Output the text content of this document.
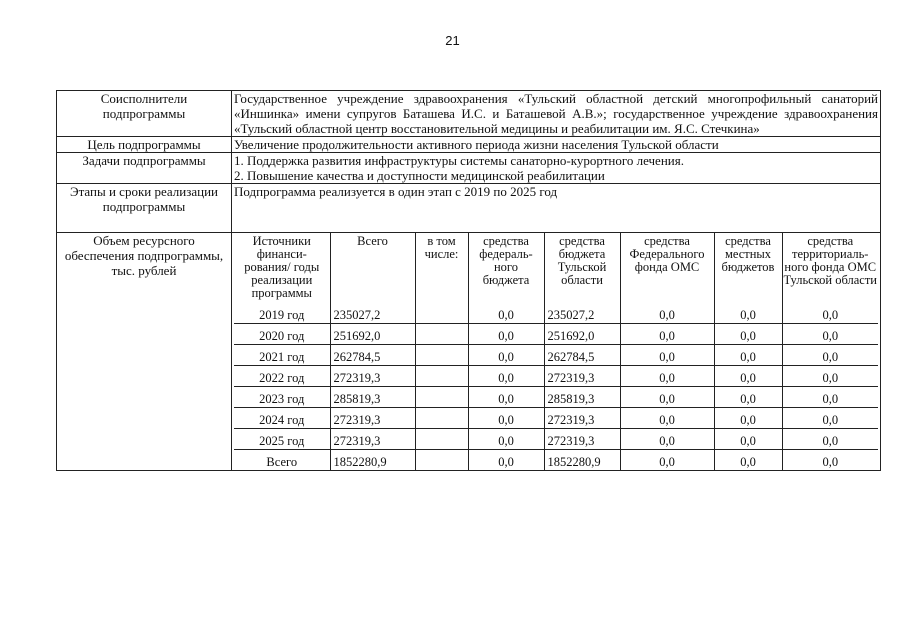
21
Соисполнители подпрограммы	Государственное учреждение здравоохранения «Тульский областной детский многопрофильный санаторий «Иншинка» имени супругов Баташева И.С. и Баташевой А.В.»; государственное учреждение здравоохранения «Тульский областной центр восстановительной медицины и реабилитации им. Я.С. Стечкина»
Цель подпрограммы	Увеличение продолжительности активного периода жизни населения Тульской области
Задачи подпрограммы	1. Поддержка развития инфраструктуры системы санаторно-курортного лечения.
2. Повышение качества и доступности медицинской реабилитации

Этапы и сроки реализации подпрограммы	Подпрограмма реализуется в один этап с 2019 по 2025 год
Объем ресурсного обеспечения подпрограммы, тыс. рублей	
Источники финанси-рования/ годы реализации программы	Всего	в том числе:	средства федераль-ного бюджета	средства бюджета Тульской области	средства Федерального фонда ОМС	средства местных бюджетов	средства территориаль-ного фонда ОМС Тульской области
2019 год	235027,2		0,0	235027,2	0,0	0,0	0,0
2020 год	251692,0		0,0	251692,0	0,0	0,0	0,0
2021 год	262784,5		0,0	262784,5	0,0	0,0	0,0
2022 год	272319,3		0,0	272319,3	0,0	0,0	0,0
2023 год	285819,3		0,0	285819,3	0,0	0,0	0,0
2024 год	272319,3		0,0	272319,3	0,0	0,0	0,0
2025 год	272319,3		0,0	272319,3	0,0	0,0	0,0
Всего	1852280,9		0,0	1852280,9	0,0	0,0	0,0
